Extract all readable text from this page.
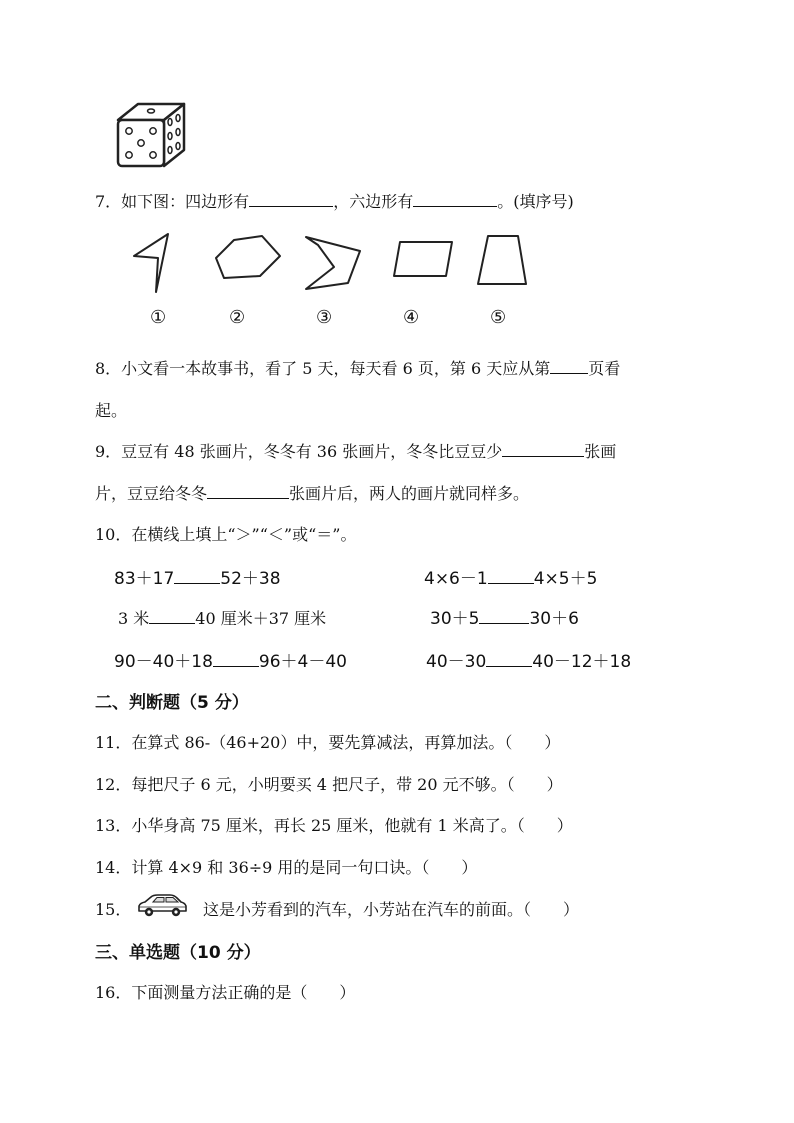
7．如下图：四边形有	，六边形有	。(填序号)
①	②	③	④	⑤
8．小文看一本故事书，看了 5 天，每天看 6 页，第 6 天应从第 页看
起。
9．豆豆有 48 张画片，冬冬有 36 张画片，冬冬比豆豆少	张画
片，豆豆给冬冬	张画片后，两人的画片就同样多。
10．在横线上填上“＞”“＜”或“＝”。
83＋17	52＋38	4×6－1	4×5＋5
3 米	40 厘米＋37 厘米	30＋5	30＋6
90－40＋18	96＋4－40	40－30	40－12＋18
二、判断题（5 分）
11．在算式 86-（46+20）中，要先算减法，再算加法。（　　）
12．每把尺子 6 元，小明要买 4 把尺子，带 20 元不够。（　　）
13．小华身高 75 厘米，再长 25 厘米，他就有 1 米高了。（　　）
14．计算 4×9 和 36÷9 用的是同一句口诀。（　　）
15．	这是小芳看到的汽车，小芳站在汽车的前面。（　　）
三、单选题（10 分）
16．下面测量方法正确的是（　　）
